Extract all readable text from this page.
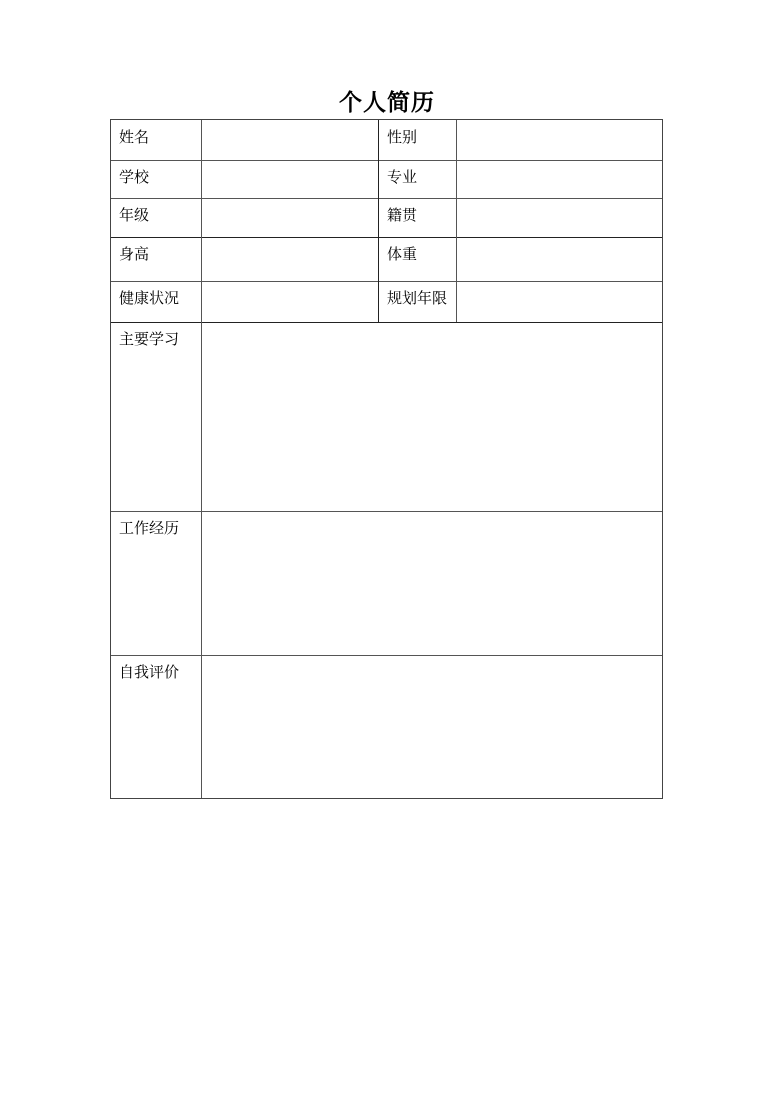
个人简历
姓名	性别
学校	专业
年级	籍贯
身高	体重
健康状况	规划年限
主要学习
工作经历
自我评价
